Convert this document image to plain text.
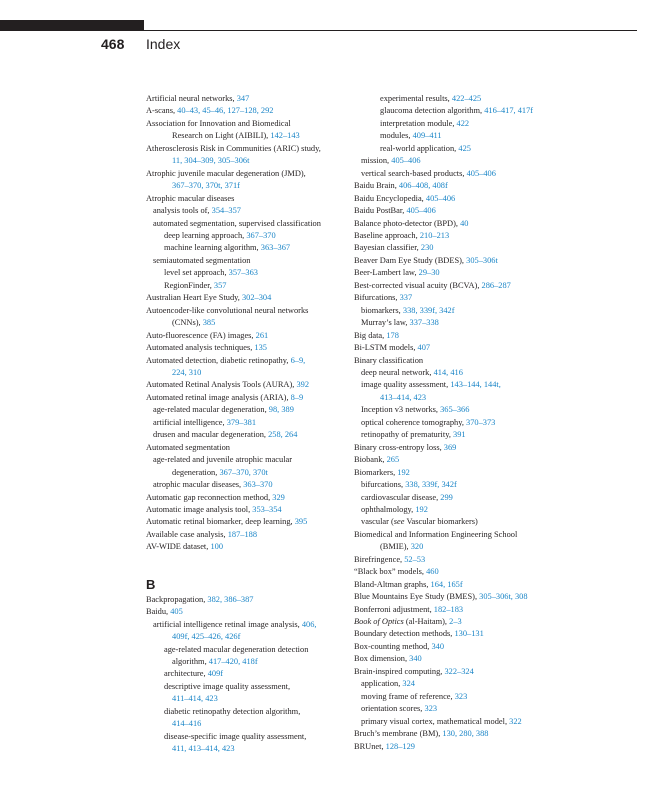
468 Index
Artificial neural networks, 347
A-scans, 40–43, 45–46, 127–128, 292
Association for Innovation and Biomedical
Research on Light (AIBILI), 142–143
Atherosclerosis Risk in Communities (ARIC) study,
11, 304–309, 305–306t
Atrophic juvenile macular degeneration (JMD),
367–370, 370t, 371f
Atrophic macular diseases
analysis tools of, 354–357
automated segmentation, supervised classification
deep learning approach, 367–370
machine learning algorithm, 363–367
semiautomated segmentation
level set approach, 357–363
RegionFinder, 357
Australian Heart Eye Study, 302–304
Autoencoder-like convolutional neural networks
(CNNs), 385
Auto-fluorescence (FA) images, 261
Automated analysis techniques, 135
Automated detection, diabetic retinopathy, 6–9,
224, 310
Automated Retinal Analysis Tools (AURA), 392
Automated retinal image analysis (ARIA), 8–9
age-related macular degeneration, 98, 389
artificial intelligence, 379–381
drusen and macular degeneration, 258, 264
Automated segmentation
age-related and juvenile atrophic macular
degeneration, 367–370, 370t
atrophic macular diseases, 363–370
Automatic gap reconnection method, 329
Automatic image analysis tool, 353–354
Automatic retinal biomarker, deep learning, 395
Available case analysis, 187–188
AV-WIDE dataset, 100
B
Backpropagation, 382, 386–387
Baidu, 405
artificial intelligence retinal image analysis, 406,
409f, 425–426, 426f
age-related macular degeneration detection
algorithm, 417–420, 418f
architecture, 409f
descriptive image quality assessment,
411–414, 423
diabetic retinopathy detection algorithm,
414–416
disease-specific image quality assessment,
411, 413–414, 423
experimental results, 422–425
glaucoma detection algorithm, 416–417, 417f
interpretation module, 422
modules, 409–411
real-world application, 425
mission, 405–406
vertical search-based products, 405–406
Baidu Brain, 406–408, 408f
Baidu Encyclopedia, 405–406
Baidu PostBar, 405–406
Balance photo-detector (BPD), 40
Baseline approach, 210–213
Bayesian classifier, 230
Beaver Dam Eye Study (BDES), 305–306t
Beer-Lambert law, 29–30
Best-corrected visual acuity (BCVA), 286–287
Bifurcations, 337
biomarkers, 338, 339f, 342f
Murray’s law, 337–338
Big data, 178
Bi-LSTM models, 407
Binary classification
deep neural network, 414, 416
image quality assessment, 143–144, 144t,
413–414, 423
Inception v3 networks, 365–366
optical coherence tomography, 370–373
retinopathy of prematurity, 391
Binary cross-entropy loss, 369
Biobank, 265
Biomarkers, 192
bifurcations, 338, 339f, 342f
cardiovascular disease, 299
ophthalmology, 192
vascular (see Vascular biomarkers)
Biomedical and Information Engineering School
(BMIE), 320
Birefringence, 52–53
“Black box” models, 460
Bland-Altman graphs, 164, 165f
Blue Mountains Eye Study (BMES), 305–306t, 308
Bonferroni adjustment, 182–183
Book of Optics (al-Haitam), 2–3
Boundary detection methods, 130–131
Box-counting method, 340
Box dimension, 340
Brain-inspired computing, 322–324
application, 324
moving frame of reference, 323
orientation scores, 323
primary visual cortex, mathematical model, 322
Bruch’s membrane (BM), 130, 280, 388
BRUnet, 128–129
